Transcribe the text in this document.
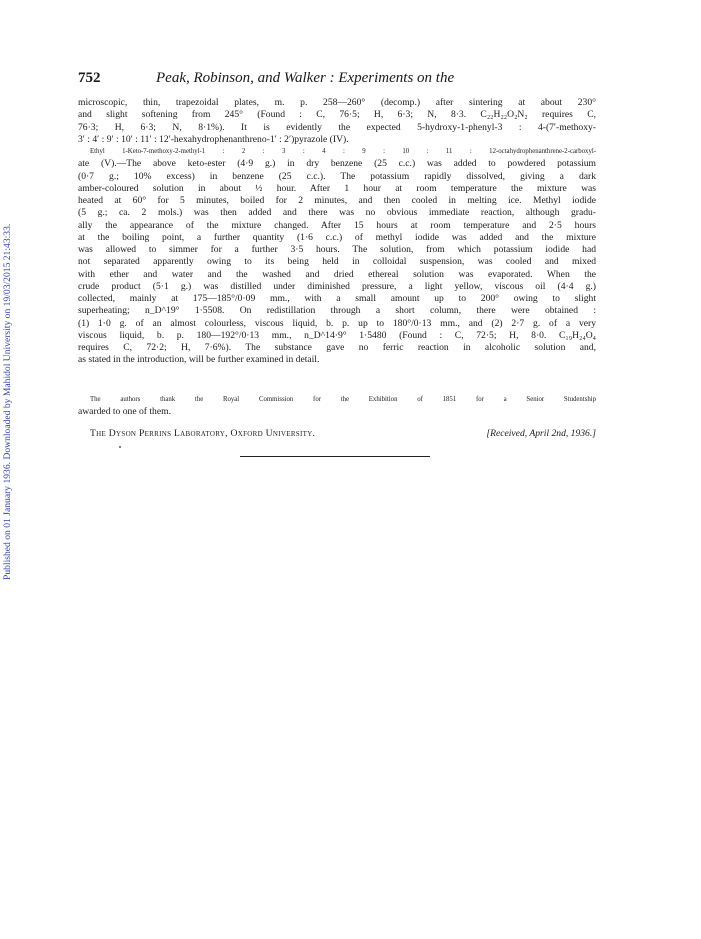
Published on 01 January 1936. Downloaded by Mahidol University on 19/03/2015 21:43:33.
752	Peak, Robinson, and Walker : Experiments on the
microscopic, thin, trapezoidal plates, m. p. 258—260° (decomp.) after sintering at about 230°
and slight softening from 245° (Found : C, 76·5; H, 6·3; N, 8·3. C₂₂H₂₂O₂N₂ requires C,
76·3; H, 6·3; N, 8·1%). It is evidently the expected 5-hydroxy-1-phenyl-3 : 4-(7′-methoxy-
3′ : 4′ : 9′ : 10′ : 11′ : 12′-hexahydrophenanthreno-1′ : 2′)pyrazole (IV).
Ethyl 1-Keto-7-methoxy-2-methyl-1 : 2 : 3 : 4 : 9 : 10 : 11 : 12-octahydrophenanthrene-2-carboxyl-
ate (V).—The above keto-ester (4·9 g.) in dry benzene (25 c.c.) was added to powdered potassium
(0·7 g.; 10% excess) in benzene (25 c.c.). The potassium rapidly dissolved, giving a dark
amber-coloured solution in about ½ hour. After 1 hour at room temperature the mixture was
heated at 60° for 5 minutes, boiled for 2 minutes, and then cooled in melting ice. Methyl iodide
(5 g.; ca. 2 mols.) was then added and there was no obvious immediate reaction, although gradu-
ally the appearance of the mixture changed. After 15 hours at room temperature and 2·5 hours
at the boiling point, a further quantity (1·6 c.c.) of methyl iodide was added and the mixture
was allowed to simmer for a further 3·5 hours. The solution, from which potassium iodide had
not separated apparently owing to its being held in colloidal suspension, was cooled and mixed
with ether and water and the washed and dried ethereal solution was evaporated. When the
crude product (5·1 g.) was distilled under diminished pressure, a light yellow, viscous oil (4·4 g.)
collected, mainly at 175—185°/0·09 mm., with a small amount up to 200° owing to slight
superheating; n_D^19° 1·5508. On redistillation through a short column, there were obtained :
(1) 1·0 g. of an almost colourless, viscous liquid, b. p. up to 180°/0·13 mm., and (2) 2·7 g. of a very
viscous liquid, b. p. 180—192°/0·13 mm., n_D^14·9° 1·5480 (Found : C, 72·5; H, 8·0. C₁₉H₂₄O₄
requires C, 72·2; H, 7·6%). The substance gave no ferric reaction in alcoholic solution and,
as stated in the introduction, will be further examined in detail.
The authors thank the Royal Commission for the Exhibition of 1851 for a Senior Studentship
awarded to one of them.
The Dyson Perrins Laboratory, Oxford University.	[Received, April 2nd, 1936.]
